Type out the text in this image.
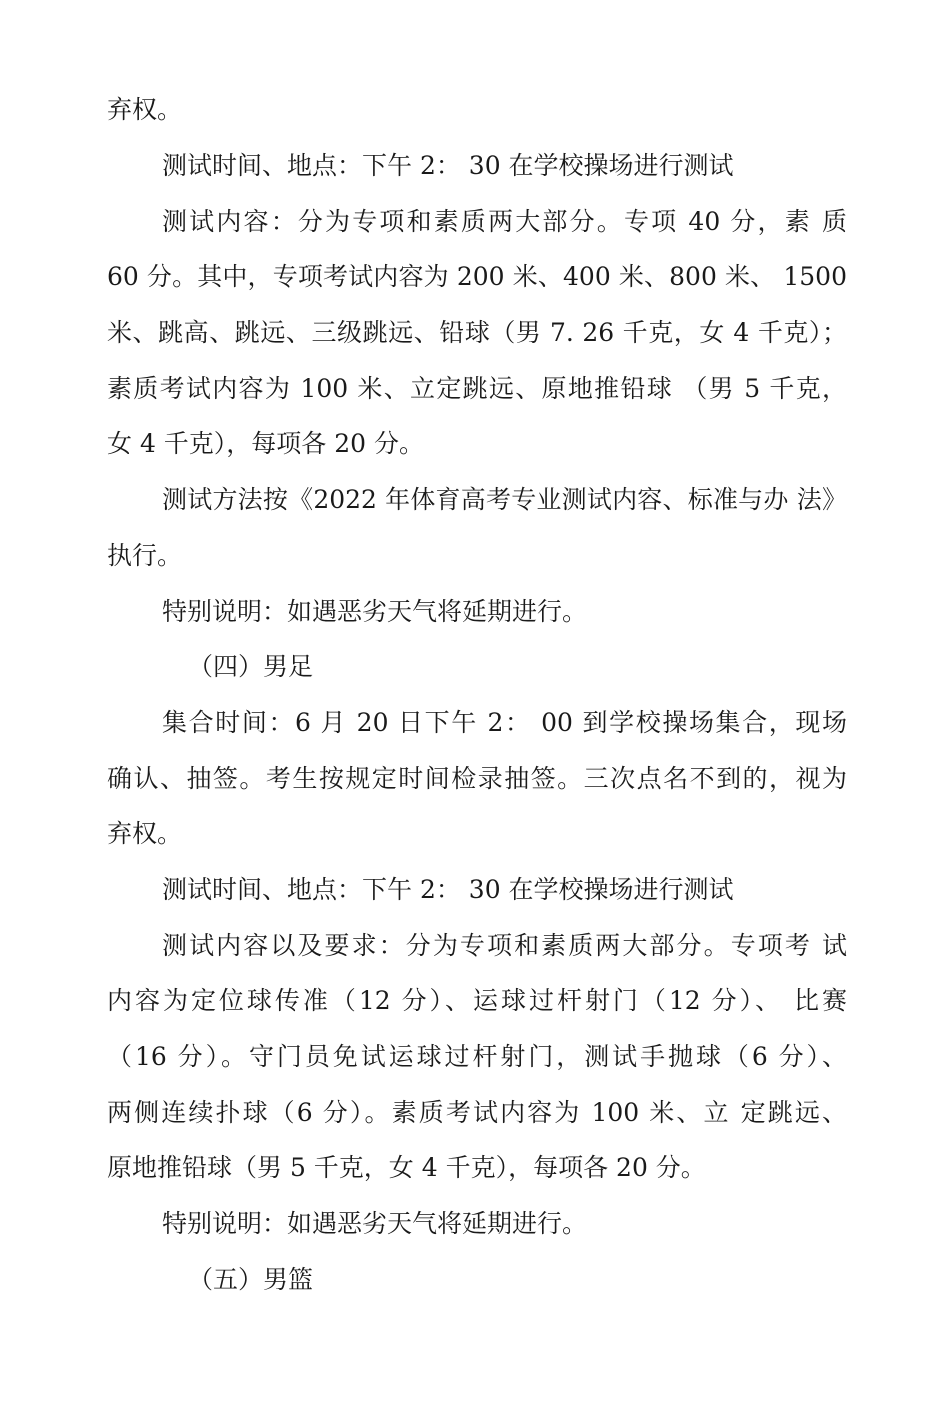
弃权。
测试时间、地点：下午 2： 30 在学校操场进行测试
测试内容：分为专项和素质两大部分。专项 40 分，素 质
60 分。其中，专项考试内容为 200 米、400 米、800 米、 1500
米、跳高、跳远、三级跳远、铅球（男 7. 26 千克，女 4 千克）；
素质考试内容为 100 米、立定跳远、原地推铅球 （男 5 千克，
女 4 千克），每项各 20 分。
测试方法按《2022 年体育高考专业测试内容、标准与办 法》
执行。
特别说明：如遇恶劣天气将延期进行。
（四）男足
集合时间：6 月 20 日下午 2： 00 到学校操场集合，现场
确认、抽签。考生按规定时间检录抽签。三次点名不到的，视为
弃权。
测试时间、地点：下午 2： 30 在学校操场进行测试
测试内容以及要求：分为专项和素质两大部分。专项考 试
内容为定位球传准（12 分）、运球过杆射门（12 分）、 比赛
（16 分）。守门员免试运球过杆射门，测试手抛球（6 分）、
两侧连续扑球（6 分）。素质考试内容为 100 米、立 定跳远、
原地推铅球（男 5 千克，女 4 千克），每项各 20 分。
特别说明：如遇恶劣天气将延期进行。
（五）男篮
